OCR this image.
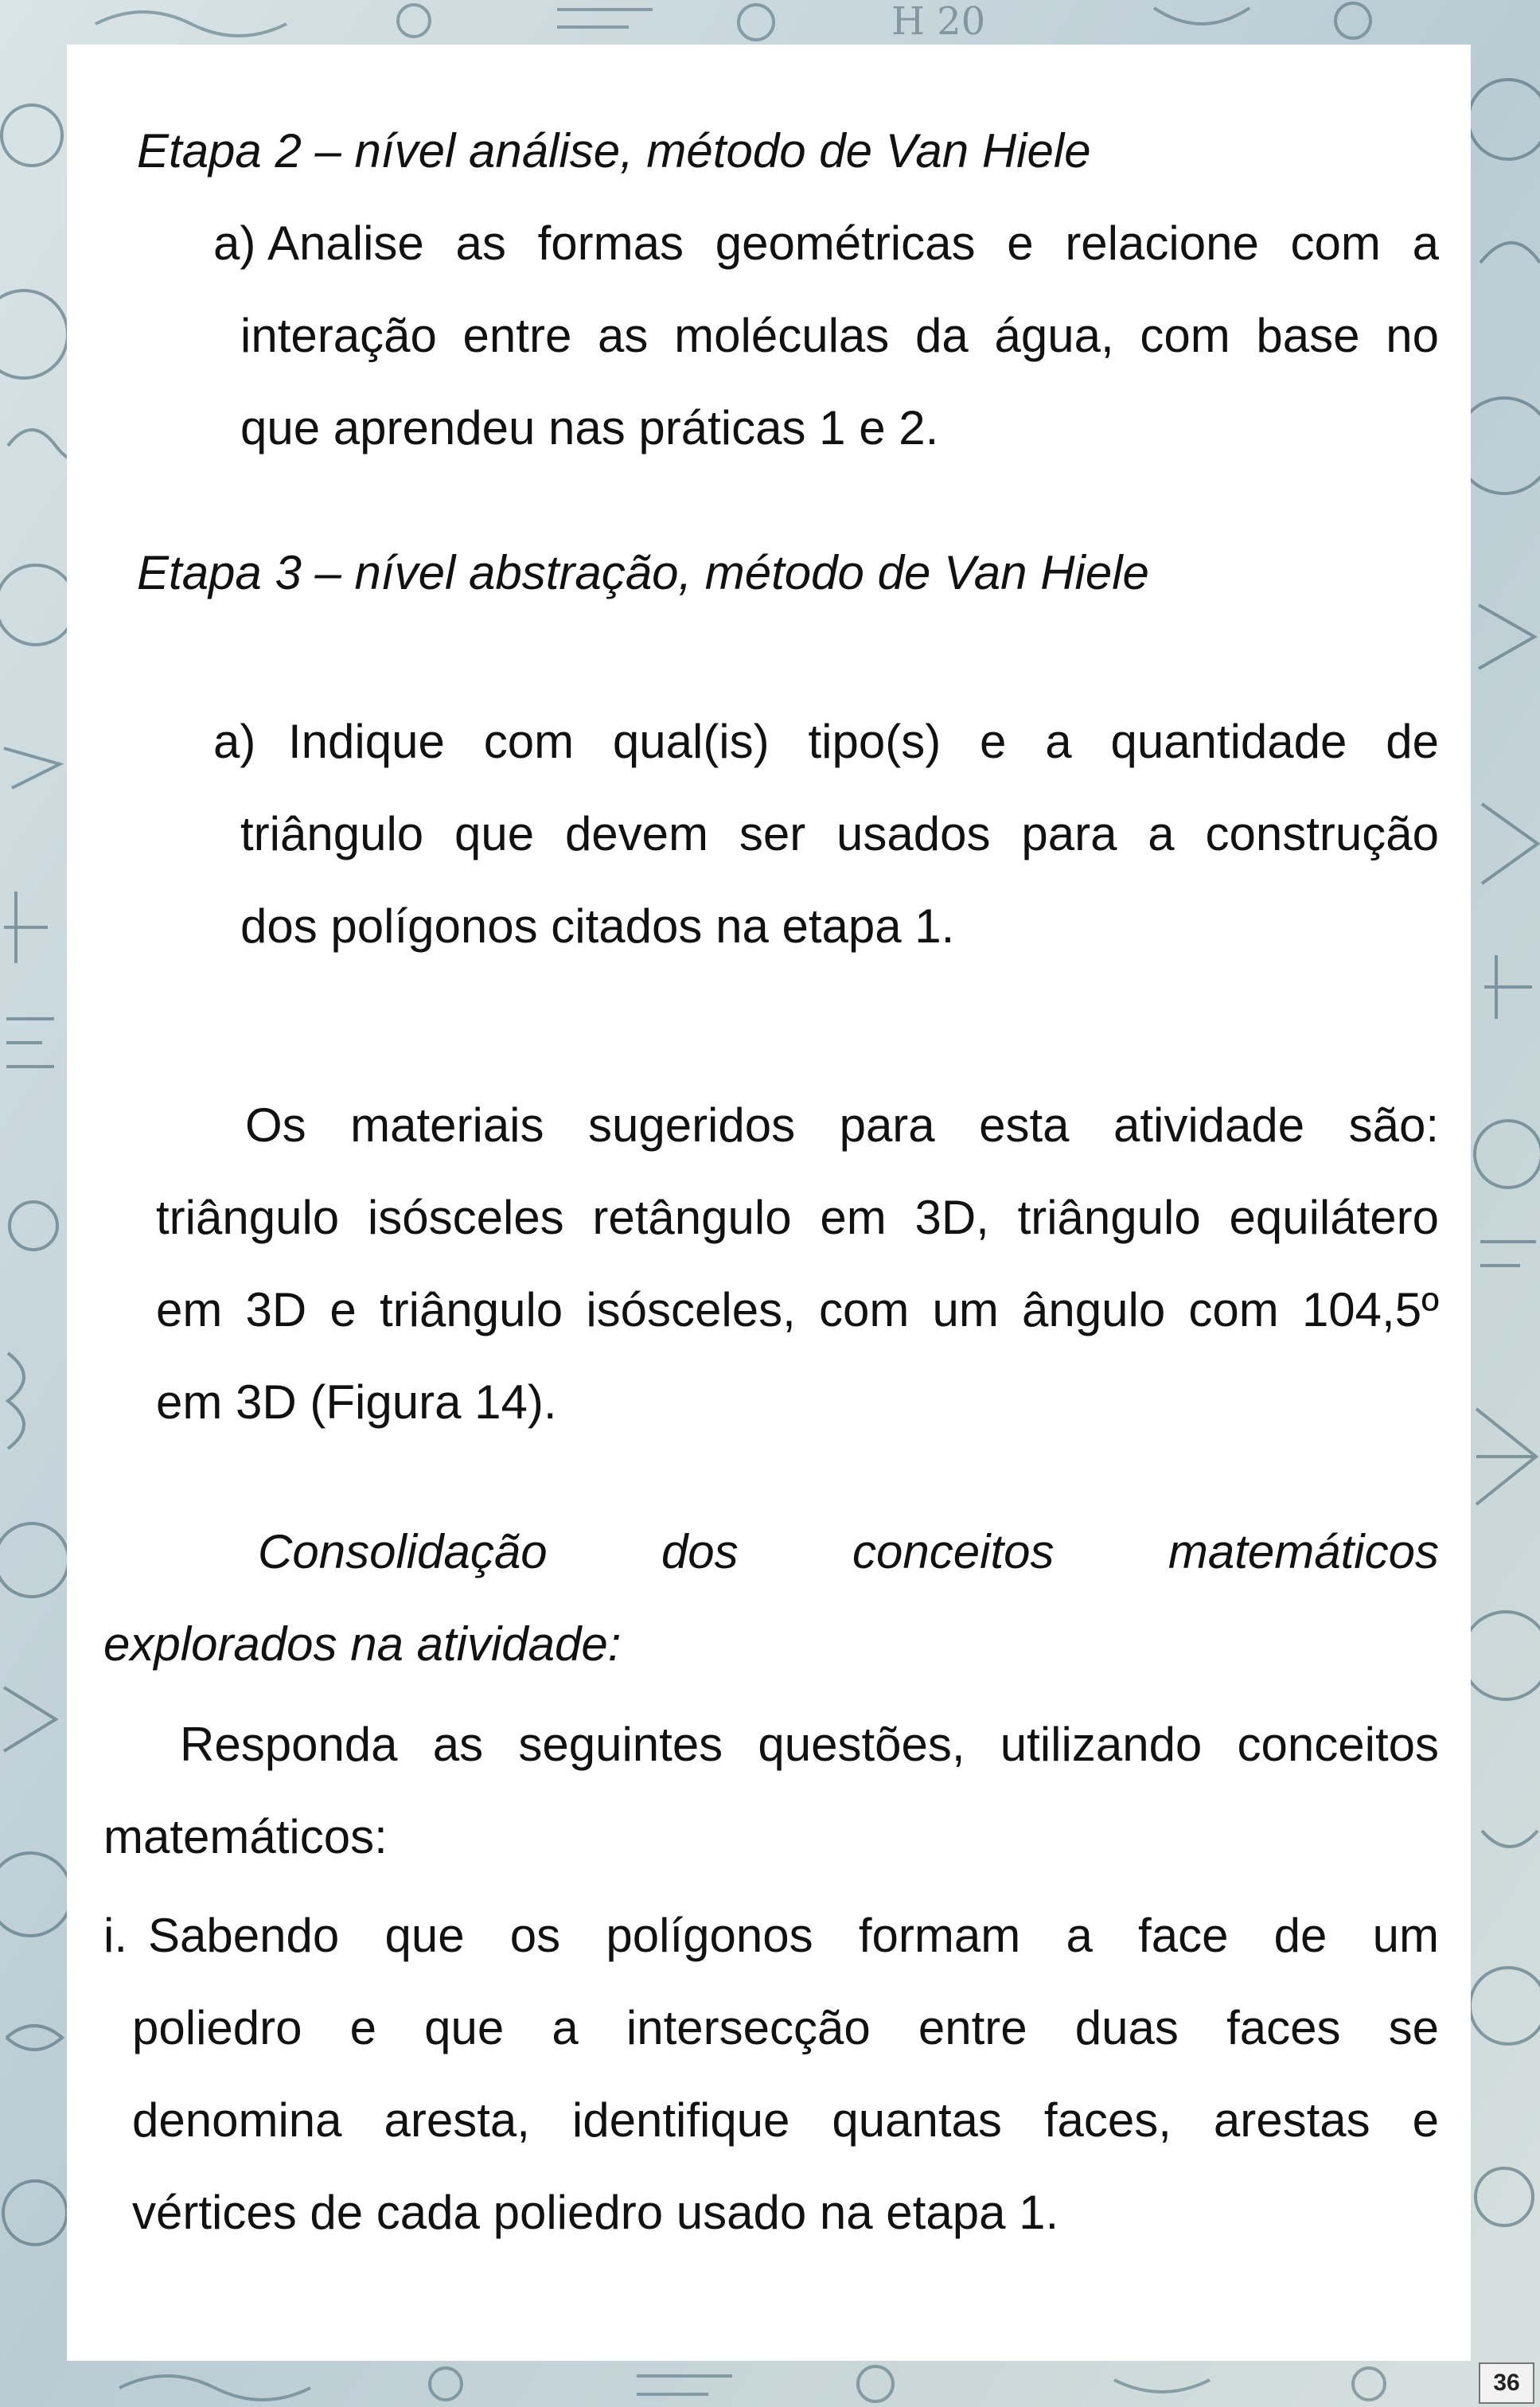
H 20

Etapa 2 – nível análise, método de Van Hiele

a) Analise as formas geométricas e relacione com a

interação entre as moléculas da água, com base no

que aprendeu nas práticas 1 e 2.

Etapa 3 – nível abstração, método de Van Hiele

a) Indique com qual(is) tipo(s) e a quantidade de

triângulo que devem ser usados para a construção

dos polígonos citados na etapa 1.

Os materiais sugeridos para esta atividade são:

triângulo isósceles retângulo em 3D, triângulo equilátero

em 3D e triângulo isósceles, com um ângulo com 104,5º

em 3D (Figura 14).

Consolidação dos conceitos matemáticos

explorados na atividade:

Responda as seguintes questões, utilizando conceitos

matemáticos:

i. Sabendo que os polígonos formam a face de um

poliedro e que a intersecção entre duas faces se

denomina aresta, identifique quantas faces, arestas e

vértices de cada poliedro usado na etapa 1.

36
